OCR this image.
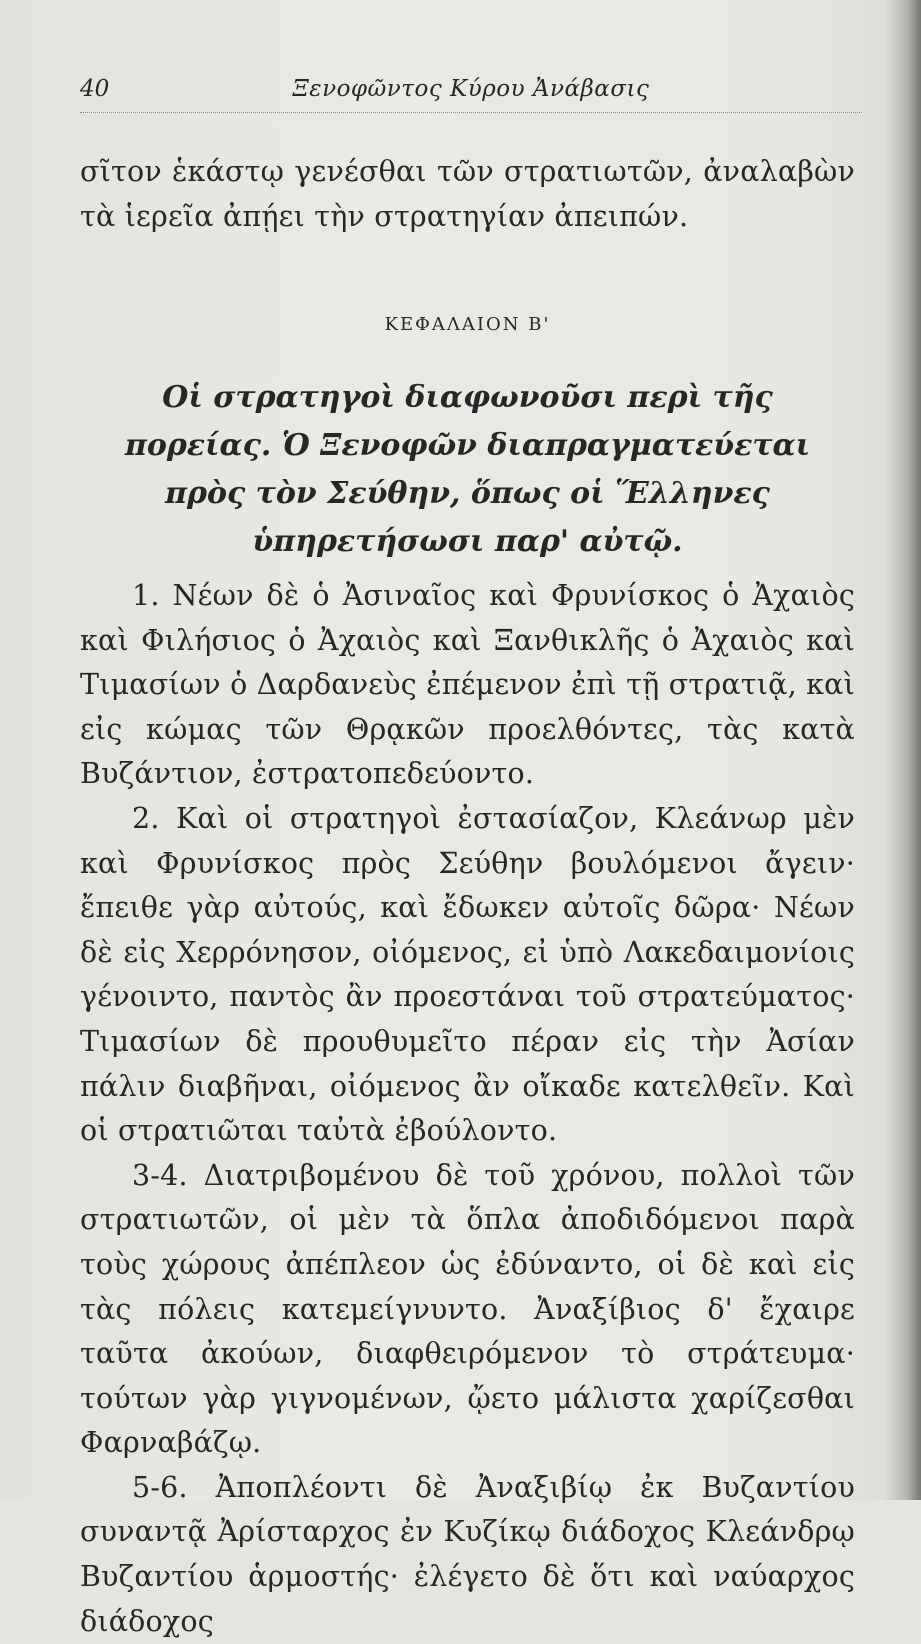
40	Ξενοφῶντος Κύρου Ἀνάβασις
σῖτον ἑκάστῳ γενέσθαι τῶν στρατιωτῶν, ἀναλαβὼν τὰ ἱερεῖα ἀπῄει τὴν στρατηγίαν ἀπειπών.
ΚΕΦΑΛΑΙΟΝ Β'
Οἱ στρατηγοὶ διαφωνοῦσι περὶ τῆς πορείας. Ὁ Ξενοφῶν διαπραγματεύεται πρὸς τὸν Σεύθην, ὅπως οἱ Ἕλληνες ὑπηρετήσωσι παρ' αὐτῷ.

1. Νέων δὲ ὁ Ἀσιναῖος καὶ Φρυνίσκος ὁ Ἀχαιὸς καὶ Φιλήσιος ὁ Ἀχαιὸς καὶ Ξανθικλῆς ὁ Ἀχαιὸς καὶ Τιμασίων ὁ Δαρδανεὺς ἐπέμενον ἐπὶ τῇ στρατιᾷ, καὶ εἰς κώμας τῶν Θρᾳκῶν προελθόντες, τὰς κατὰ Βυζάντιον, ἐστρατοπεδεύοντο.

2. Καὶ οἱ στρατηγοὶ ἐστασίαζον, Κλεάνωρ μὲν καὶ Φρυνίσκος πρὸς Σεύθην βουλόμενοι ἄγειν· ἔπειθε γὰρ αὐτούς, καὶ ἔδωκεν αὐτοῖς δῶρα· Νέων δὲ εἰς Χερρόνησον, οἰόμενος, εἰ ὑπὸ Λακεδαιμονίοις γένοιντο, παντὸς ἂν προεστάναι τοῦ στρατεύματος· Τιμασίων δὲ προυθυμεῖτο πέραν εἰς τὴν Ἀσίαν πάλιν διαβῆναι, οἰόμενος ἂν οἴκαδε κατελθεῖν. Καὶ οἱ στρατιῶται ταὐτὰ ἐβούλοντο.

3-4. Διατριβομένου δὲ τοῦ χρόνου, πολλοὶ τῶν στρατιωτῶν, οἱ μὲν τὰ ὅπλα ἀποδιδόμενοι παρὰ τοὺς χώρους ἀπέπλεον ὡς ἐδύναντο, οἱ δὲ καὶ εἰς τὰς πόλεις κατεμείγνυντο. Ἀναξίβιος δ' ἔχαιρε ταῦτα ἀκούων, διαφθειρόμενον τὸ στράτευμα· τούτων γὰρ γιγνομένων, ᾤετο μάλιστα χαρίζεσθαι Φαρναβάζῳ.

5-6. Ἀποπλέοντι δὲ Ἀναξιβίῳ ἐκ Βυζαντίου συναντᾷ Ἀρίσταρχος ἐν Κυζίκῳ διάδοχος Κλεάνδρῳ Βυζαντίου ἁρμοστής· ἐλέγετο δὲ ὅτι καὶ ναύαρχος διάδοχος
